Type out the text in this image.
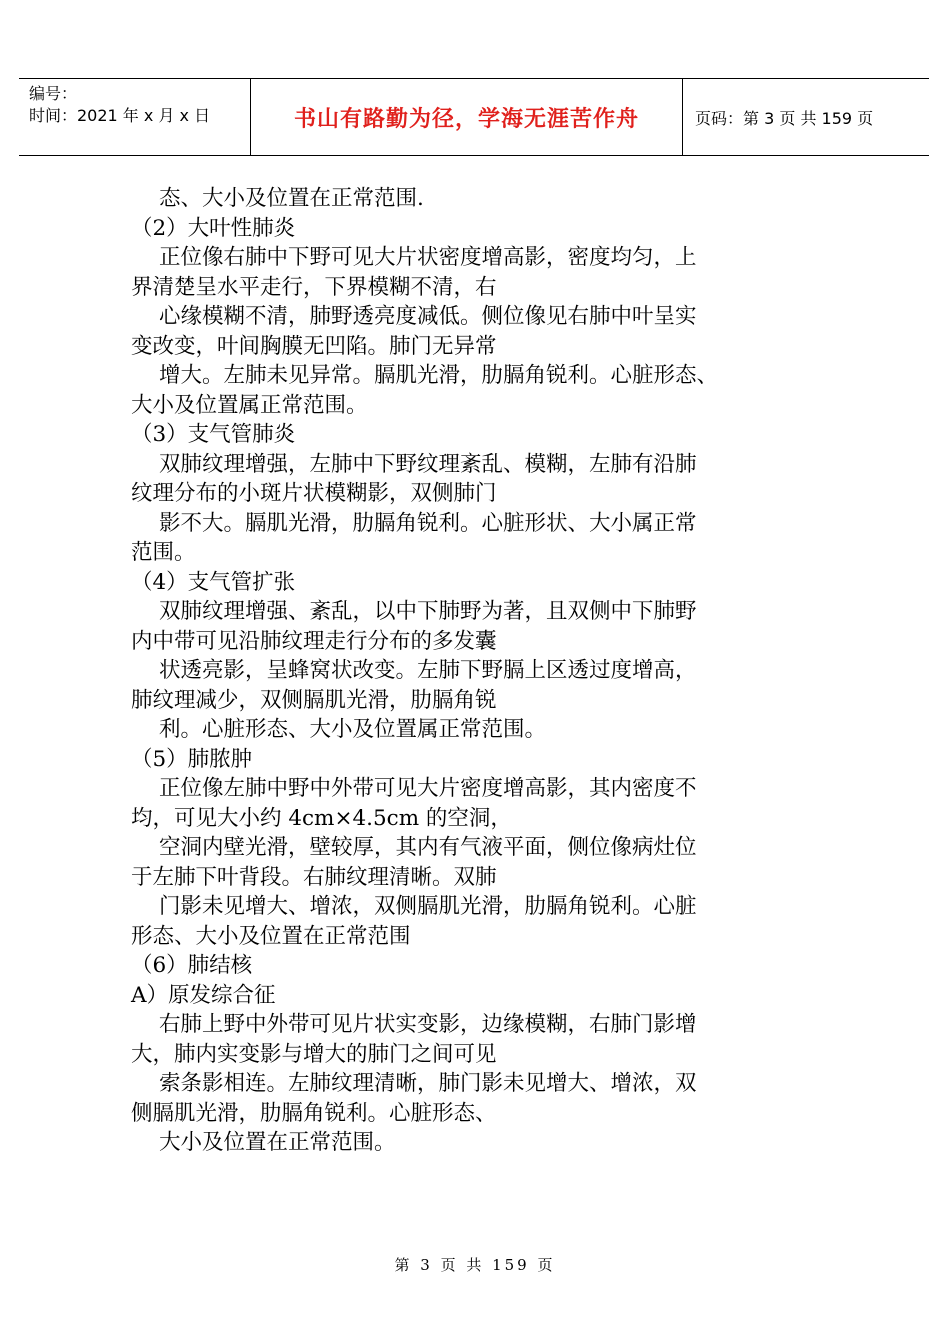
编号：
时间：2021 年 x 月 x 日	书山有路勤为径，学海无涯苦作舟	页码：第 3 页 共 159 页
态、大小及位置在正常范围.
（2）大叶性肺炎
正位像右肺中下野可见大片状密度增高影，密度均匀，上
界清楚呈水平走行，下界模糊不清，右
心缘模糊不清，肺野透亮度减低。侧位像见右肺中叶呈实
变改变，叶间胸膜无凹陷。肺门无异常
增大。左肺未见异常。膈肌光滑，肋膈角锐利。心脏形态、
大小及位置属正常范围。
（3）支气管肺炎
双肺纹理增强，左肺中下野纹理紊乱、模糊，左肺有沿肺
纹理分布的小斑片状模糊影，双侧肺门
影不大。膈肌光滑，肋膈角锐利。心脏形状、大小属正常
范围。
（4）支气管扩张
双肺纹理增强、紊乱，以中下肺野为著，且双侧中下肺野
内中带可见沿肺纹理走行分布的多发囊
状透亮影，呈蜂窝状改变。左肺下野膈上区透过度增高，
肺纹理减少，双侧膈肌光滑，肋膈角锐
利。心脏形态、大小及位置属正常范围。
（5）肺脓肿
正位像左肺中野中外带可见大片密度增高影，其内密度不
均，可见大小约 4cm×4.5cm 的空洞，
空洞内壁光滑，壁较厚，其内有气液平面，侧位像病灶位
于左肺下叶背段。右肺纹理清晰。双肺
门影未见增大、增浓，双侧膈肌光滑，肋膈角锐利。心脏
形态、大小及位置在正常范围
（6）肺结核
A）原发综合征
右肺上野中外带可见片状实变影，边缘模糊，右肺门影增
大，肺内实变影与增大的肺门之间可见
索条影相连。左肺纹理清晰，肺门影未见增大、增浓，双
侧膈肌光滑，肋膈角锐利。心脏形态、
大小及位置在正常范围。
第 3 页 共 159 页
